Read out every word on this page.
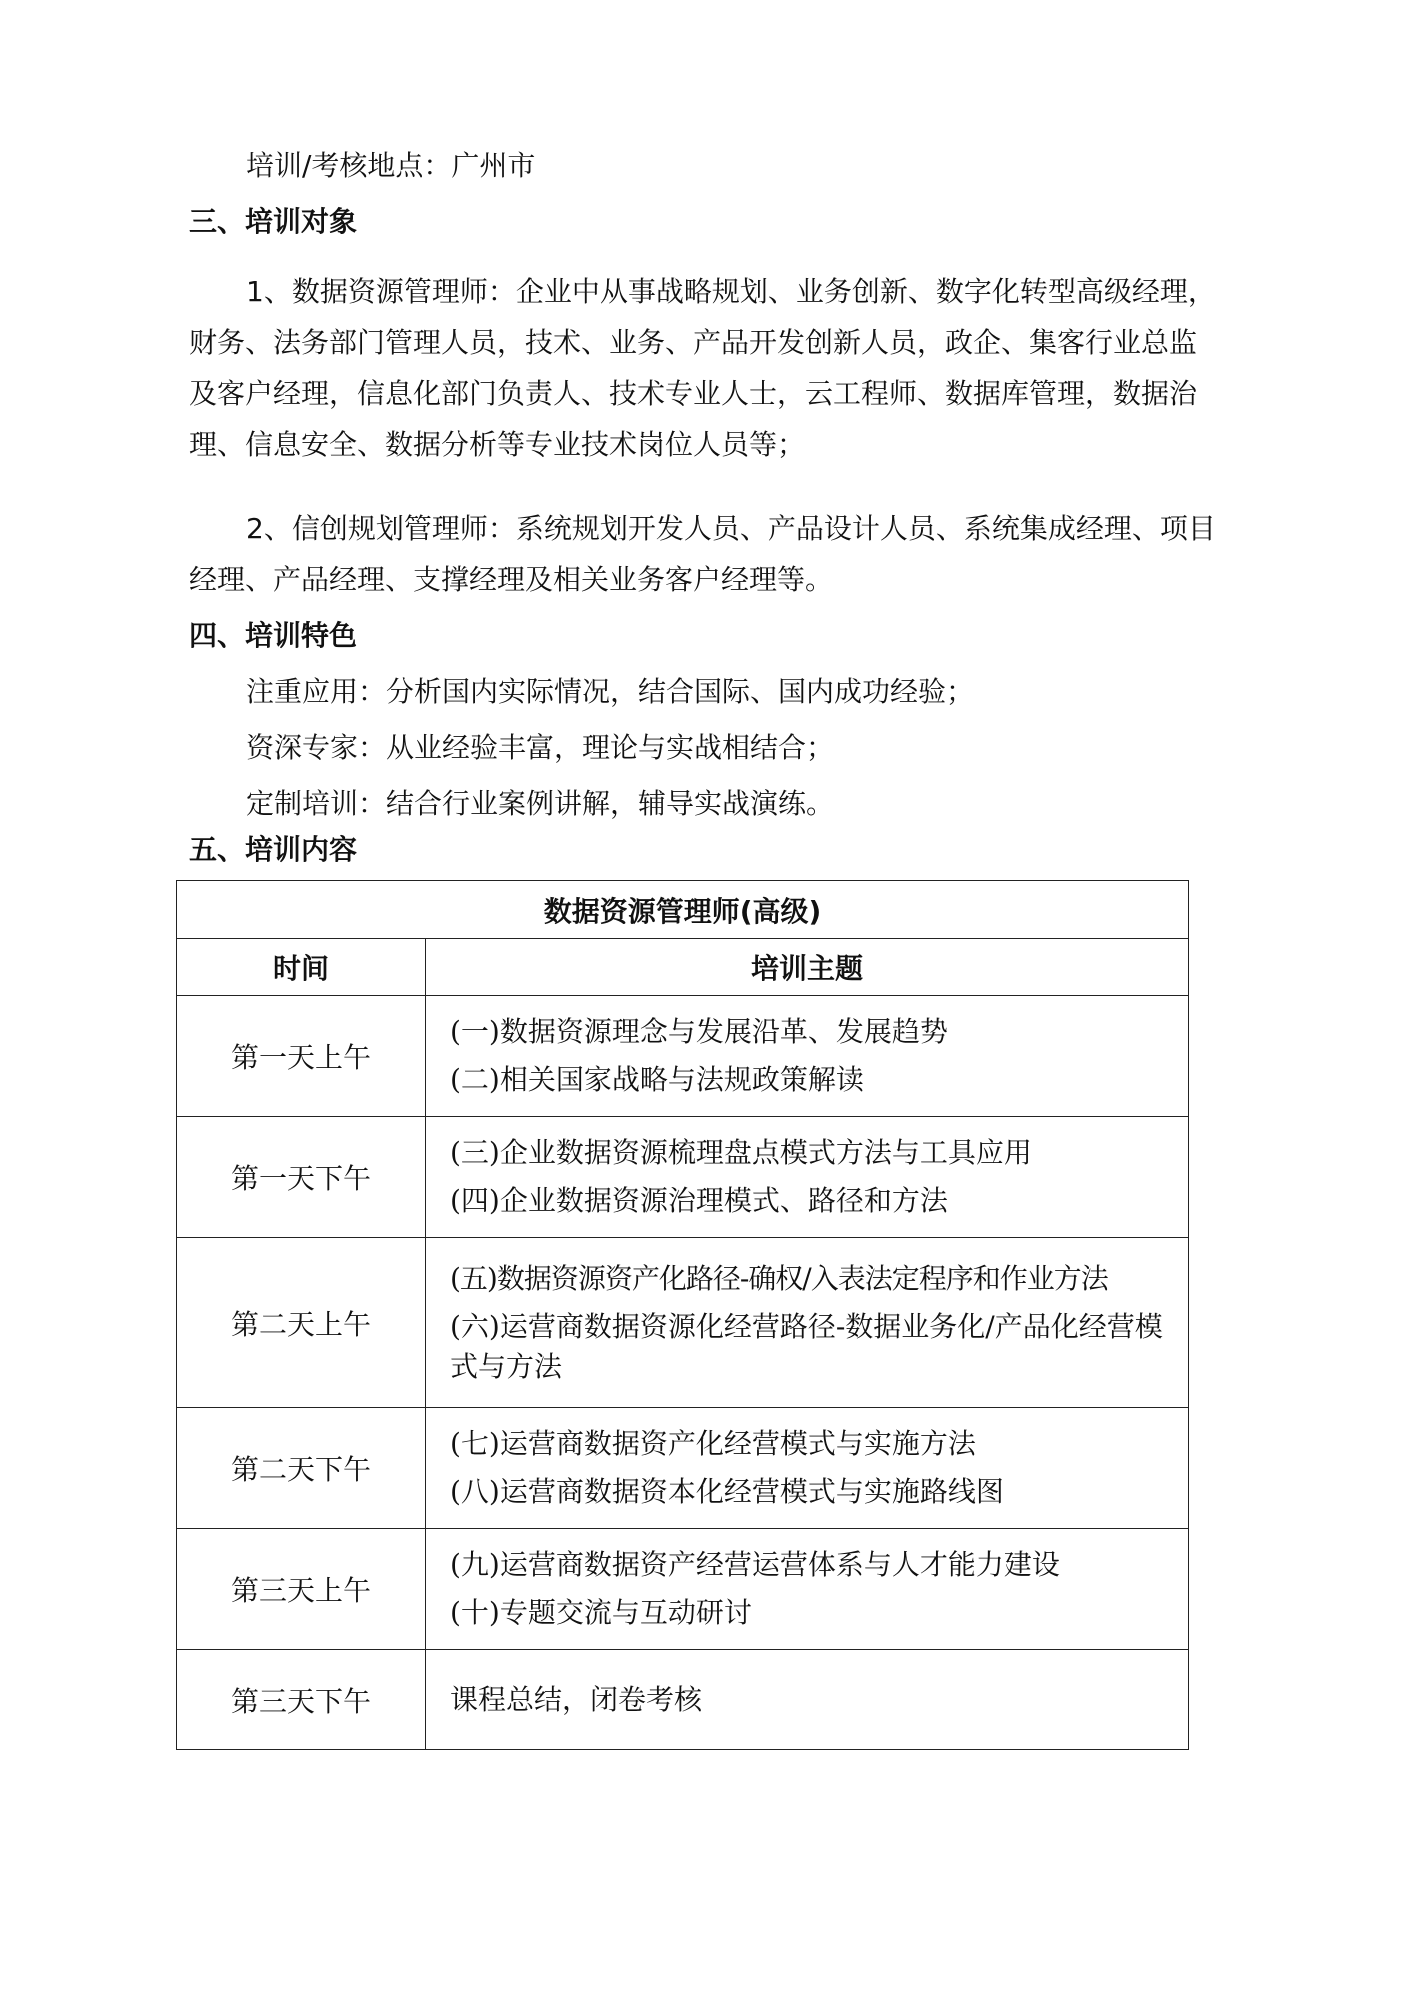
培训/考核地点：广州市
三、培训对象
1、数据资源管理师：企业中从事战略规划、业务创新、数字化转型高级经理，财务、法务部门管理人员，技术、业务、产品开发创新人员，政企、集客行业总监及客户经理，信息化部门负责人、技术专业人士，云工程师、数据库管理，数据治理、信息安全、数据分析等专业技术岗位人员等；
2、信创规划管理师：系统规划开发人员、产品设计人员、系统集成经理、项目经理、产品经理、支撑经理及相关业务客户经理等。
四、培训特色
注重应用：分析国内实际情况，结合国际、国内成功经验；
资深专家：从业经验丰富，理论与实战相结合；
定制培训：结合行业案例讲解，辅导实战演练。
五、培训内容
数据资源管理师(高级)	
时间	培训主题
第一天上午	(一)数据资源理念与发展沿革、发展趋势
(二)相关国家战略与法规政策解读

第一天下午	(三)企业数据资源梳理盘点模式方法与工具应用
(四)企业数据资源治理模式、路径和方法

第二天上午	(五)数据资源资产化路径-确权/入表法定程序和作业方法
(六)运营商数据资源化经营路径-数据业务化/产品化经营模式与方法

第二天下午	(七)运营商数据资产化经营模式与实施方法
(八)运营商数据资本化经营模式与实施路线图

第三天上午	(九)运营商数据资产经营运营体系与人才能力建设
(十)专题交流与互动研讨

第三天下午	课程总结，闭卷考核
